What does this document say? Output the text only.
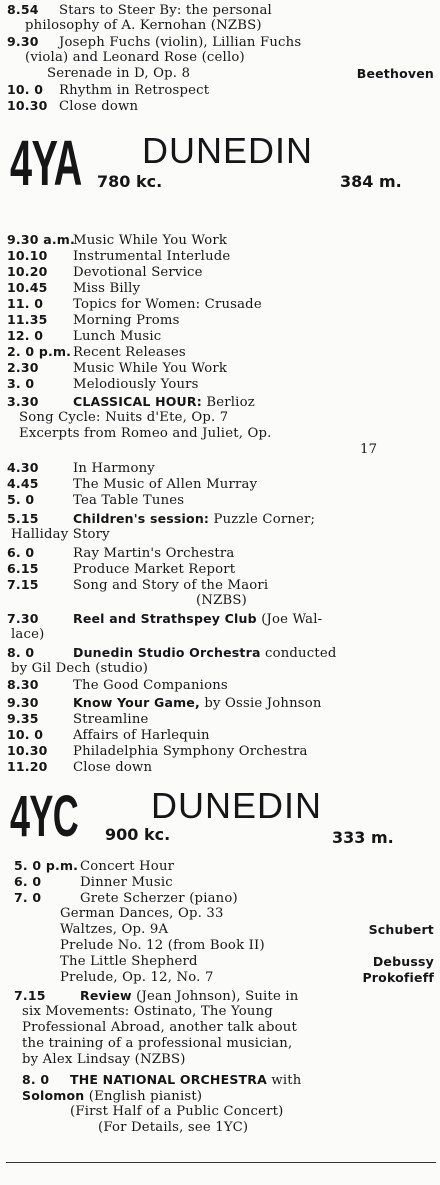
8.54 Stars to Steer By: the personal
philosophy of A. Kernohan (NZBS)
9.30 Joseph Fuchs (violin), Lillian Fuchs
(viola) and Leonard Rose (cello)
Serenade in D, Op. 8	Beethoven
10. 0 Rhythm in Retrospect
10.30 Close down
4YA DUNEDIN
780 kc.	384 m.
9.30 a.m.Music While You Work
10.10 Instrumental Interlude
10.20 Devotional Service
10.45 Miss Billy
11. 0 Topics for Women: Crusade
11.35 Morning Proms
12. 0 Lunch Music
2. 0 p.m. Recent Releases
2.30	Music While You Work
3. 0	Melodiously Yours
3.30	CLASSICAL HOUR: Berlioz
Song Cycle: Nuits d'Ete, Op. 7
Excerpts from Romeo and Juliet, Op.
17
4.30	In Harmony
4.45	The Music of Allen Murray
5. 0	Tea Table Tunes
5.15	Children's session: Puzzle Corner;
Halliday Story
6. 0	Ray Martin's Orchestra
6.15	Produce Market Report
7.15	Song and Story of the Maori
(NZBS)
7.30	Reel and Strathspey Club (Joe Wal-
lace)
8. 0	Dunedin Studio Orchestra conducted
by Gil Dech (studio)
8.30	The Good Companions
9.30	Know Your Game, by Ossie Johnson
9.35	Streamline
10. 0 Affairs of Harlequin
10.30 Philadelphia Symphony Orchestra
11.20 Close down
4YC DUNEDIN
900 kc.	333 m.
5. 0 p.m. Concert Hour
6. 0	Dinner Music
7. 0	Grete Scherzer (piano)
German Dances, Op. 33
Waltzes, Op. 9A	Schubert
Prelude No. 12 (from Book II)
The Little Shepherd	Debussy
Prelude, Op. 12, No. 7	Prokofieff
7.15	Review (Jean Johnson), Suite in
six Movements: Ostinato, The Young
Professional Abroad, another talk about
the training of a professional musician,
by Alex Lindsay (NZBS)
8. 0 THE NATIONAL ORCHESTRA with
Solomon (English pianist)
(First Half of a Public Concert)
(For Details, see 1YC)
